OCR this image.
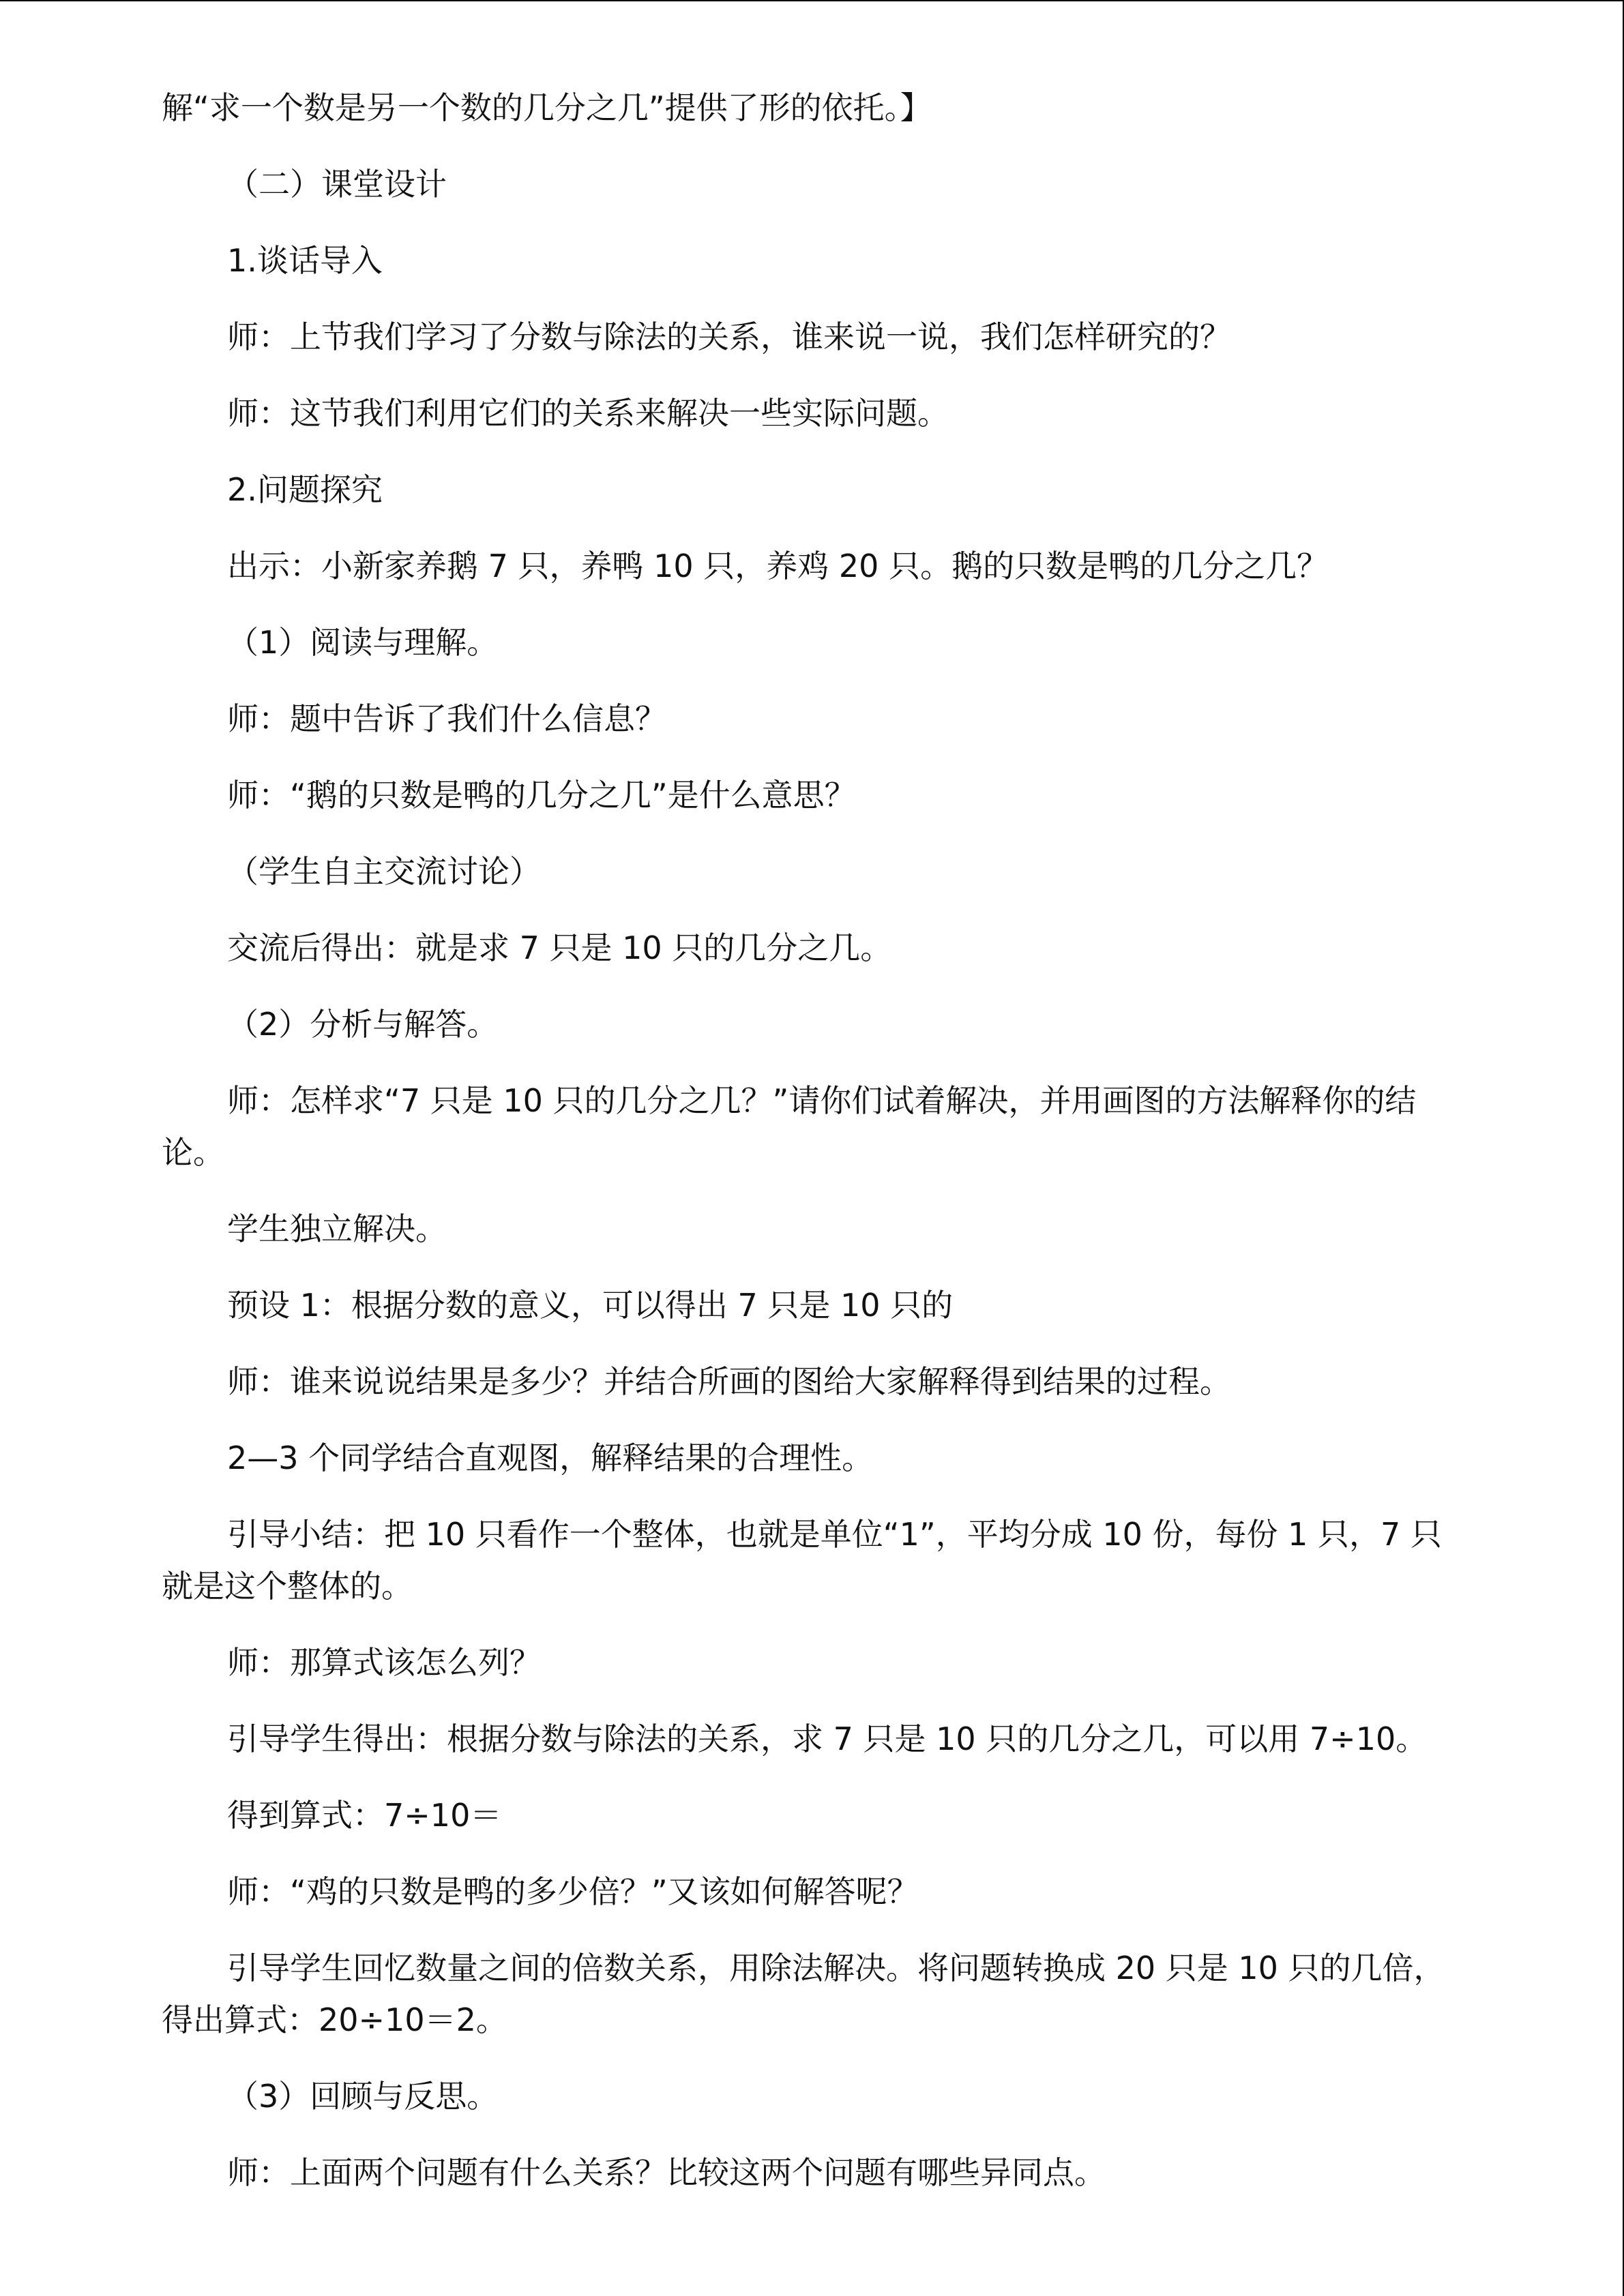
解“求一个数是另一个数的几分之几”提供了形的依托。】

（二）课堂设计

1.谈话导入

师：上节我们学习了分数与除法的关系，谁来说一说，我们怎样研究的？

师：这节我们利用它们的关系来解决一些实际问题。

2.问题探究

出示：小新家养鹅 7 只，养鸭 10 只，养鸡 20 只。鹅的只数是鸭的几分之几？

（1）阅读与理解。

师：题中告诉了我们什么信息？

师：“鹅的只数是鸭的几分之几”是什么意思？

（学生自主交流讨论）

交流后得出：就是求 7 只是 10 只的几分之几。

（2）分析与解答。

师：怎样求“7 只是 10 只的几分之几？”请你们试着解决，并用画图的方法解释你的结论。

学生独立解决。

预设 1：根据分数的意义，可以得出 7 只是 10 只的

师：谁来说说结果是多少？并结合所画的图给大家解释得到结果的过程。

2—3 个同学结合直观图，解释结果的合理性。

引导小结：把 10 只看作一个整体，也就是单位“1”，平均分成 10 份，每份 1 只，7 只就是这个整体的。

师：那算式该怎么列？

引导学生得出：根据分数与除法的关系，求 7 只是 10 只的几分之几，可以用 7÷10。

得到算式：7÷10＝

师：“鸡的只数是鸭的多少倍？”又该如何解答呢？

引导学生回忆数量之间的倍数关系，用除法解决。将问题转换成 20 只是 10 只的几倍，得出算式：20÷10＝2。

（3）回顾与反思。

师：上面两个问题有什么关系？比较这两个问题有哪些异同点。
